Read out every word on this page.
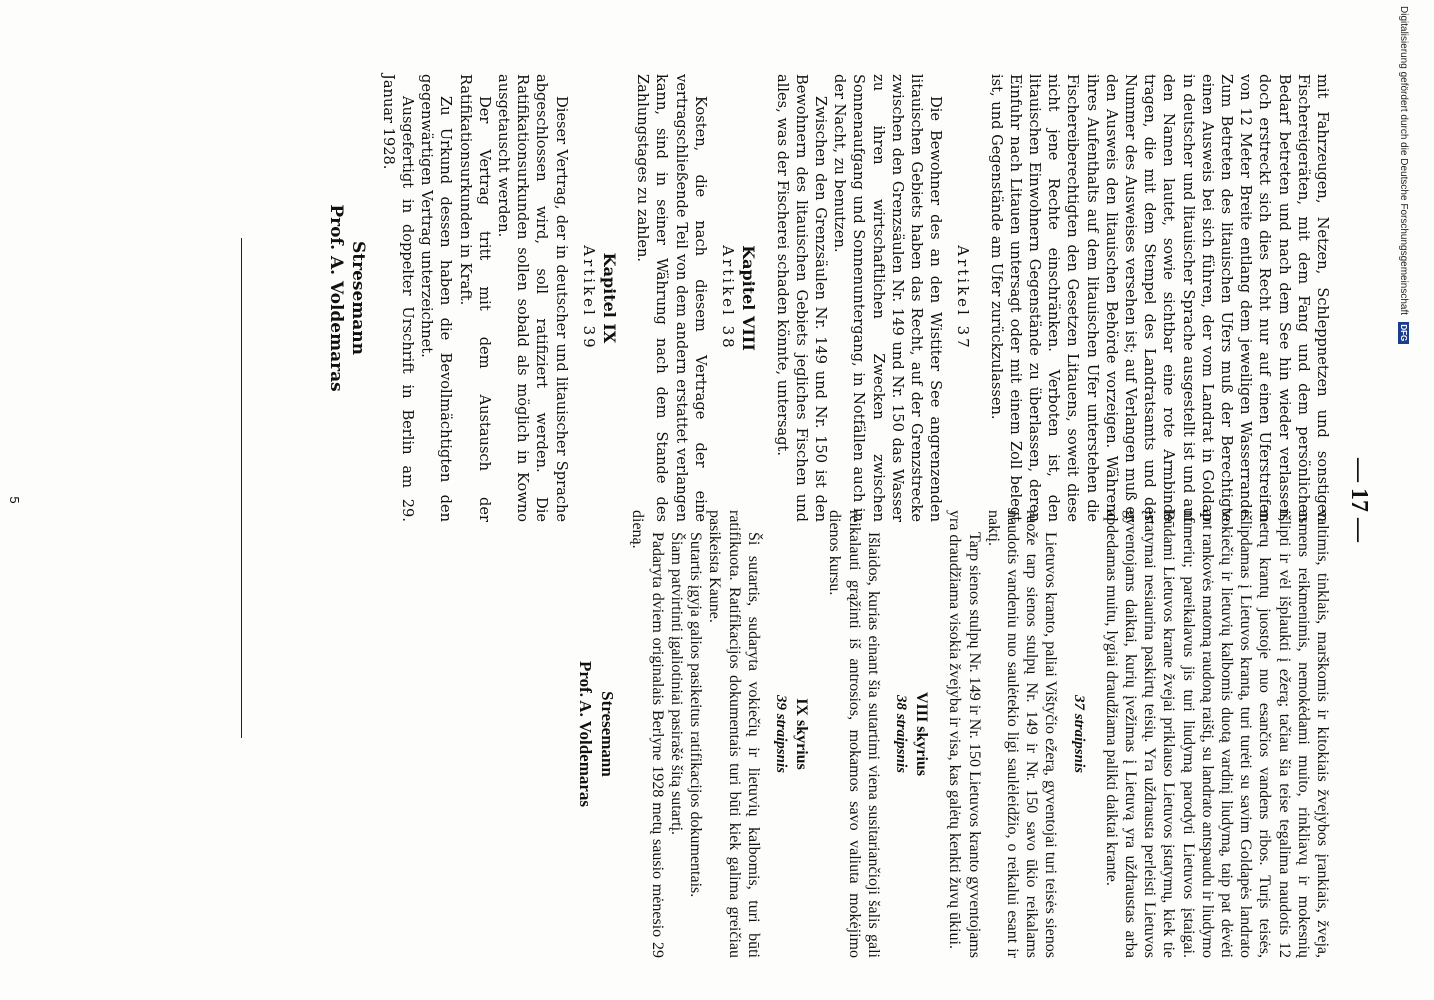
— 17 —

mit Fahrzeugen, Netzen, Schleppnetzen und sonstigen Fischereigeräten, mit dem Fang und dem persönlichen Bedarf betreten und nach dem See hin wieder verlassen, doch erstreckt sich dies Recht nur auf einen Uferstreifen von 12 Meter Breite entlang dem jeweiligen Wasserrande. Zum Betreten des litauischen Ufers muß der Berechtigte einen Ausweis bei sich führen, der vom Landrat in Goldap in deutscher und litauischer Sprache ausgestellt ist und auf den Namen lautet, sowie sichtbar eine rote Armbinde tragen, die mit dem Stempel des Landratsamts und der Nummer des Ausweises versehen ist; auf Verlangen muß er den Ausweis den litauischen Behörde vorzeigen. Während ihres Aufenthalts auf dem litauischen Ufer unterstehen die Fischereiberechtigten den Gesetzen Litauens, soweit diese nicht jene Rechte einschränken. Verboten ist, den litauischen Einwohnern Gegenstände zu überlassen, deren Einfuhr nach Litauen untersagt oder mit einem Zoll belegt ist, und Gegenstände am Ufer zurückzulassen.

Artikel 37

Die Bewohner des an den Wistiter See angrenzenden litauischen Gebiets haben das Recht, auf der Grenzstrecke zwischen den Grenzsäulen Nr. 149 und Nr. 150 das Wasser zu ihren wirtschaftlichen Zwecken zwischen Sonnenaufgang und Sonnenuntergang, in Notfällen auch in der Nacht, zu benutzen.

Zwischen den Grenzsäulen Nr. 149 und Nr. 150 ist den Bewohnern des litauischen Gebiets jegliches Fischen und alles, was der Fischerei schaden könnte, untersagt.

Kapitel VIII
Artikel 38

Kosten, die nach diesem Vertrage der eine vertragschließende Teil von dem andern erstattet verlangen kann, sind in seiner Währung nach dem Stande des Zahlungstages zu zahlen.

Kapitel IX
Artikel 39

Dieser Vertrag, der in deutscher und litauischer Sprache abgeschlossen wird, soll ratifiziert werden. Die Ratifikationsurkunden sollen sobald als möglich in Kowno ausgetauscht werden.

Der Vertrag tritt mit dem Austausch der Ratifikationsurkunden in Kraft.

Zu Urkund dessen haben die Bevollmächtigten den gegenwärtigen Vertrag unterzeichnet.

Ausgefertigt in doppelter Urschrift in Berlin am 29. Januar 1928.

Stresemann
Prof. A. Voldemaras

valtimis, tinklais, marškomis ir kitokiais žvejybos įrankiais, žveja, asmens reikmenimis, nemokėdami muito, rinkliavų ir mokesnių išlipti ir vėl išplaukti į ežerą; tačiau šia teise tegalima naudotis 12 metrų krantų juostoje nuo esančios vandens ribos. Turįs teisės, išlipdamas į Lietuvos krantą, turi turėti su savim Goldapės landrato vokiečių ir lietuvių kalbomis duotą vardinį liudymą, taip pat dėvėti ant rankovės matomą raudoną raištį, su landrato antspaudu ir liudymo numeriu; pareikalavus jis turi liudymą parodyti Lietuvos įstaigai. Būdami Lietuvos krante žvejai priklauso Lietuvos įstatymų, kiek tie įstatymai nesiaurina paskirtų teisių. Yra uždrausta perleisti Lietuvos gyventojams daiktai, kurių įvežimas į Lietuvą yra uždraustas arba apdedamas muitu, lygiai draudžiama palikti daiktai krante.

37 straipsnis

Lietuvos kranto, paliai Vištyčio ežerą, gyventojai turi teisės sienos ruože tarp sienos stulpų Nr. 149 ir Nr. 150 savo ūkio reikalams naudotis vandeniu nuo saulėtekio ligi saulėleidžio, o reikalui esant ir naktį.

Tarp sienos stulpų Nr. 149 ir Nr. 150 Lietuvos kranto gyventojams yra draudžiama visokia žvejyba ir visa, kas galėtų kenkti žuvų ūkiui.

VIII skyrius
38 straipsnis

Išlaidos, kurias einant šia sutartimi viena susitariančioji šalis gali reikalauti grąžinti iš antrosios, mokamos savo valiuta mokėjimo dienos kursu.

IX skyrius
39 straipsnis

Ši sutartis, sudaryta vokiečių ir lietuvių kalbomis, turi būti ratifikuota. Ratifikacijos dokumentais turi būti kiek galima greičiau pasikeista Kaune.

Sutartis įgyja galios pasikeitus ratifikacijos dokumentais.

Šiam patvirtinti įgaliotiniai pasirašė šitą sutartį.

Padaryta dviem originalais Berlyne 1928 metų sausio mėnesio 29 dieną.

Stresemann
Prof. A. Voldemaras
5
Digitalisierung gefördert durch die Deutsche Forschungsgemeinschaft DFG
